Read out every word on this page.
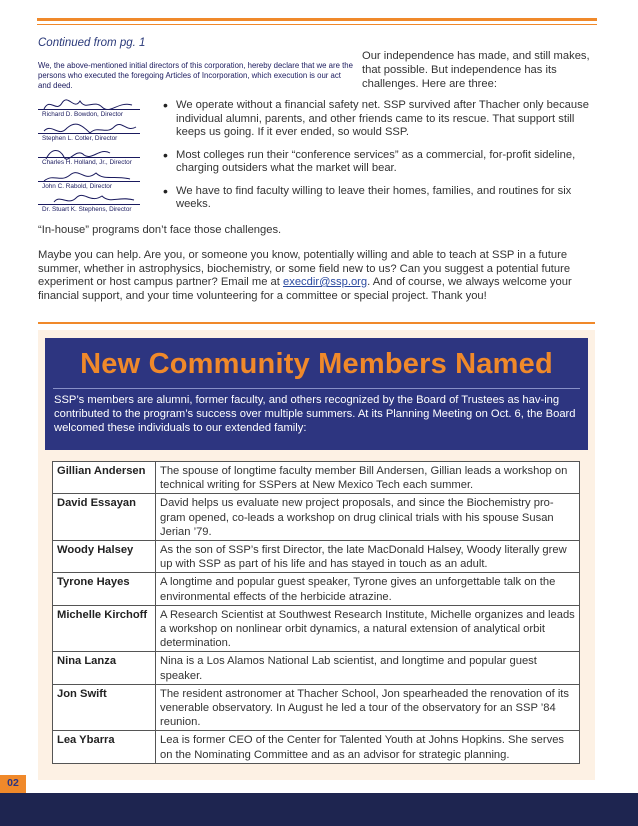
Continued from pg. 1
Our independence has made, and still makes, that possible. But independence has its challenges. Here are three:
We, the above-mentioned initial directors of this corporation, hereby declare that we are the persons who executed the foregoing Articles of Incorporation, which execution is our act and deed.
Richard D. Bowdon, Director
Stephen L. Cotler, Director
Charles H. Holland, Jr., Director
John C. Rabold, Director
Dr. Stuart K. Stephens, Director
• We operate without a financial safety net. SSP survived after Thacher only because individual alumni, parents, and other friends came to its rescue. That support still keeps us going. If it ever ended, so would SSP.
• Most colleges run their “conference services” as a commercial, for-profit sideline, charging outsiders what the market will bear.
• We have to find faculty willing to leave their homes, families, and routines for six weeks.
“In-house” programs don’t face those challenges.
Maybe you can help. Are you, or someone you know, potentially willing and able to teach at SSP in a future summer, whether in astrophysics, biochemistry, or some field new to us? Can you suggest a potential future experiment or host campus partner? Email me at execdir@ssp.org. And of course, we always welcome your financial support, and your time volunteering for a committee or special project. Thank you!
New Community Members Named
SSP’s members are alumni, former faculty, and others recognized by the Board of Trustees as hav-ing contributed to the program’s success over multiple summers. At its Planning Meeting on Oct. 6, the Board welcomed these individuals to our extended family:
Gillian Andersen	The spouse of longtime faculty member Bill Andersen, Gillian leads a workshop on technical writing for SSPers at New Mexico Tech each summer.
David Essayan	David helps us evaluate new project proposals, and since the Biochemistry pro-gram opened, co-leads a workshop on drug clinical trials with his spouse Susan Jerian ’79.
Woody Halsey	As the son of SSP’s first Director, the late MacDonald Halsey, Woody literally grew up with SSP as part of his life and has stayed in touch as an adult.
Tyrone Hayes	A longtime and popular guest speaker, Tyrone gives an unforgettable talk on the environmental effects of the herbicide atrazine.
Michelle Kirchoff	A Research Scientist at Southwest Research Institute, Michelle organizes and leads a workshop on nonlinear orbit dynamics, a natural extension of analytical orbit determination.
Nina Lanza	Nina is a Los Alamos National Lab scientist, and longtime and popular guest speaker.
Jon Swift	The resident astronomer at Thacher School, Jon spearheaded the renovation of its venerable observatory. In August he led a tour of the observatory for an SSP ’84 reunion.
Lea Ybarra	Lea is former CEO of the Center for Talented Youth at Johns Hopkins. She serves on the Nominating Committee and as an advisor for strategic planning.
02
